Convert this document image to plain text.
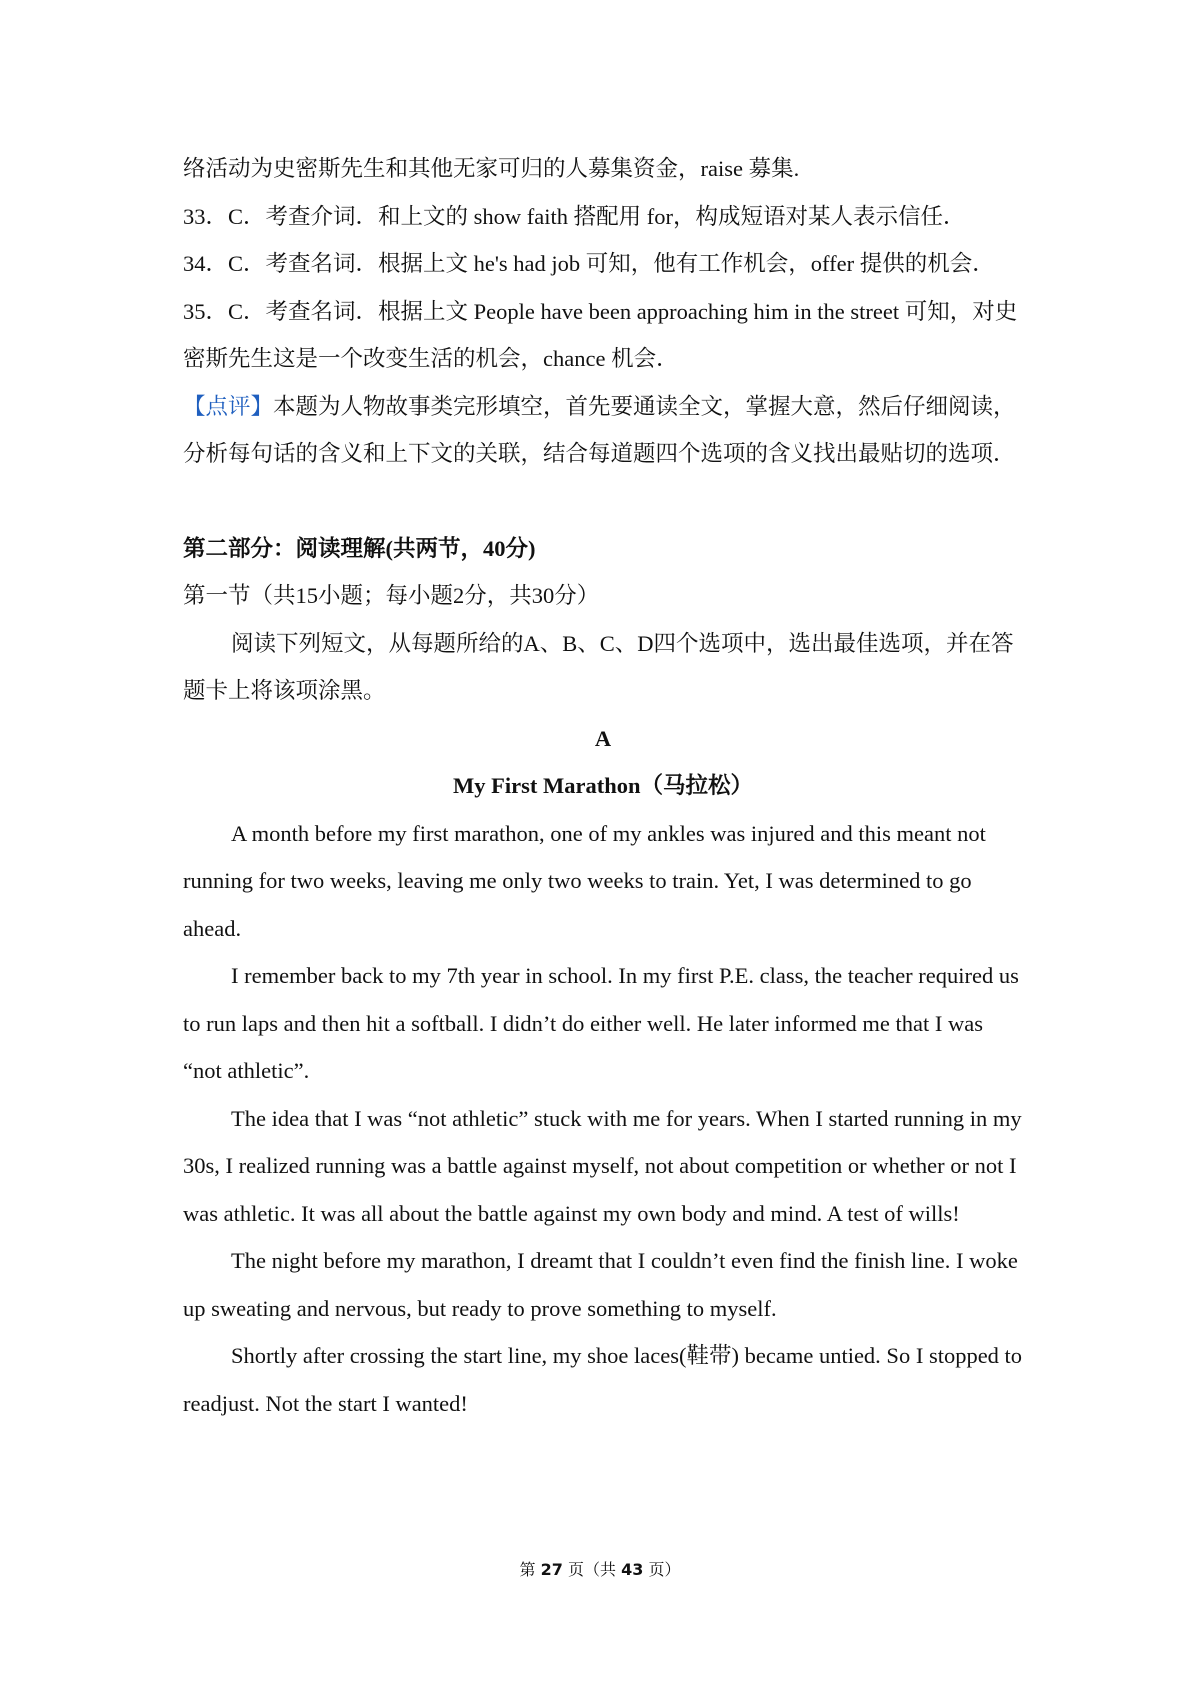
络活动为史密斯先生和其他无家可归的人募集资金，raise 募集.

33．C．考查介词．和上文的 show faith 搭配用 for，构成短语对某人表示信任．

34．C．考查名词．根据上文 he's had job 可知，他有工作机会，offer 提供的机会．

35．C．考查名词．根据上文 People have been approaching him in the street 可知，对史密斯先生这是一个改变生活的机会，chance 机会．

【点评】本题为人物故事类完形填空，首先要通读全文，掌握大意，然后仔细阅读，分析每句话的含义和上下文的关联，结合每道题四个选项的含义找出最贴切的选项．

第二部分：阅读理解(共两节，40分)

第一节（共15小题；每小题2分，共30分）

阅读下列短文，从每题所给的A、B、C、D四个选项中，选出最佳选项，并在答题卡上将该项涂黑。

A

My First Marathon（马拉松）

A month before my first marathon, one of my ankles was injured and this meant not running for two weeks, leaving me only two weeks to train. Yet, I was determined to go ahead.

I remember back to my 7th year in school. In my first P.E. class, the teacher required us to run laps and then hit a softball. I didn’t do either well. He later informed me that I was “not athletic”.

The idea that I was “not athletic” stuck with me for years. When I started running in my 30s, I realized running was a battle against myself, not about competition or whether or not I was athletic. It was all about the battle against my own body and mind. A test of wills!

The night before my marathon, I dreamt that I couldn’t even find the finish line. I woke up sweating and nervous, but ready to prove something to myself.

Shortly after crossing the start line, my shoe laces(鞋带) became untied. So I stopped to readjust. Not the start I wanted!

第 27 页（共 43 页）
